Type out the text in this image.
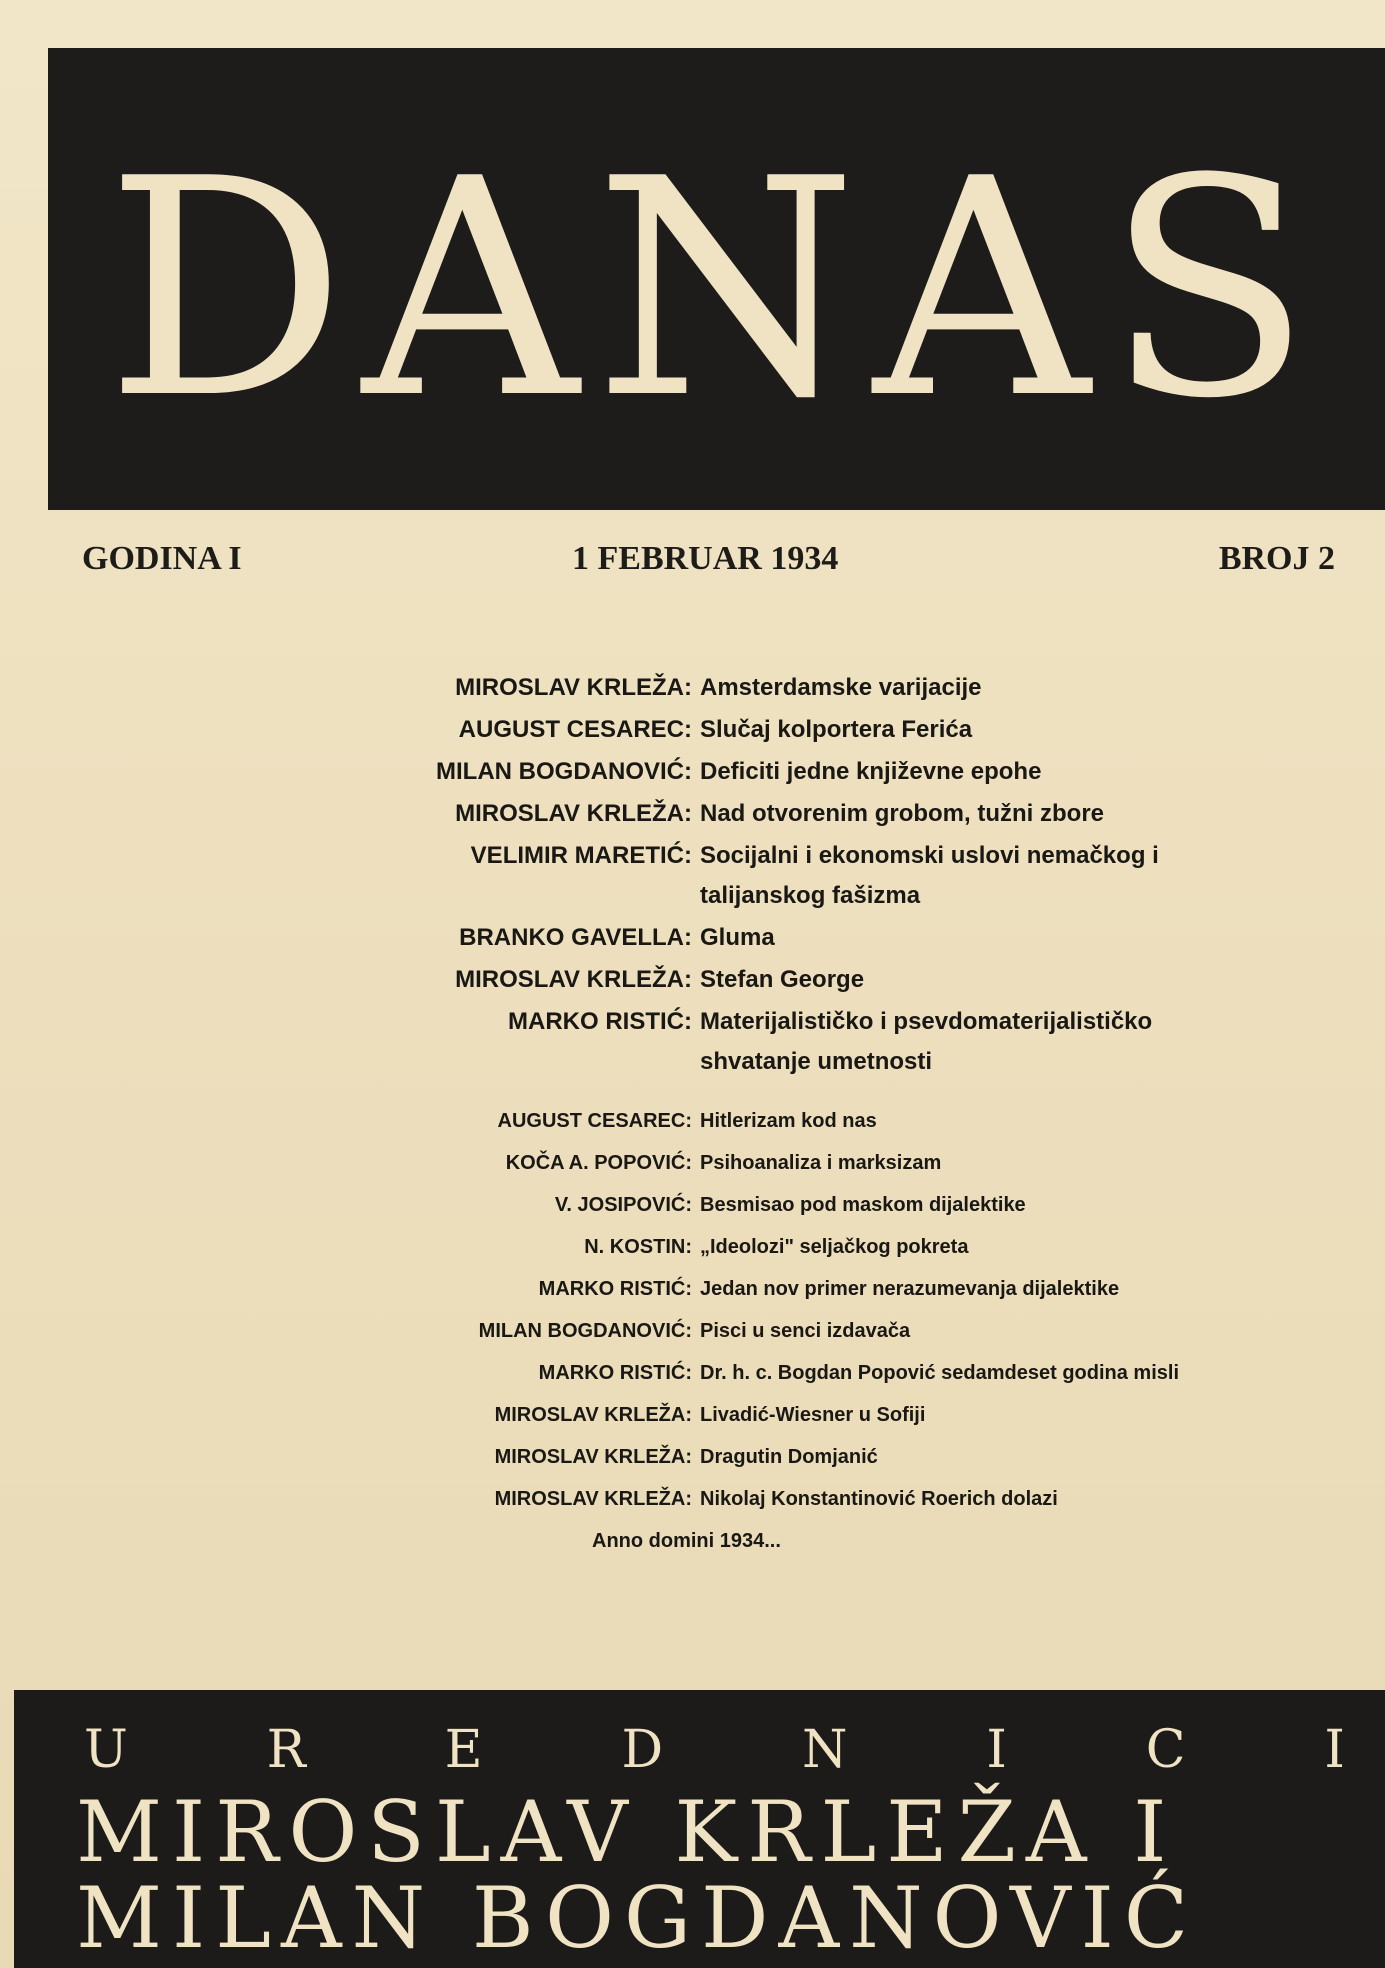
DANAS
GODINA I	1 FEBRUAR 1934	BROJ 2
MIROSLAV KRLEŽA: Amsterdamske varijacije
AUGUST CESAREC: Slučaj kolportera Ferića
MILAN BOGDANOVIĆ: Deficiti jedne književne epohe
MIROSLAV KRLEŽA: Nad otvorenim grobom, tužni zbore
VELIMIR MARETIĆ: Socijalni i ekonomski uslovi nemačkog i
talijanskog fašizma
BRANKO GAVELLA: Gluma
MIROSLAV KRLEŽA: Stefan George
MARKO RISTIĆ: Materijalističko i psevdomaterijalističko
shvatanje umetnosti
AUGUST CESAREC: Hitlerizam kod nas
KOČA A. POPOVIĆ: Psihoanaliza i marksizam
V. JOSIPOVIĆ: Besmisao pod maskom dijalektike
N. KOSTIN: „Ideolozi" seljačkog pokreta
MARKO RISTIĆ: Jedan nov primer nerazumevanja dijalektike
MILAN BOGDANOVIĆ: Pisci u senci izdavača
MARKO RISTIĆ: Dr. h. c. Bogdan Popović sedamdeset godina misli
MIROSLAV KRLEŽA: Livadić-Wiesner u Sofiji
MIROSLAV KRLEŽA: Dragutin Domjanić
MIROSLAV KRLEŽA: Nikolaj Konstantinović Roerich dolazi
Anno domini 1934...
U	R	E	D	N	I	C	I
MIROSLAV KRLEŽA I
MILAN BOGDANOVIĆ
